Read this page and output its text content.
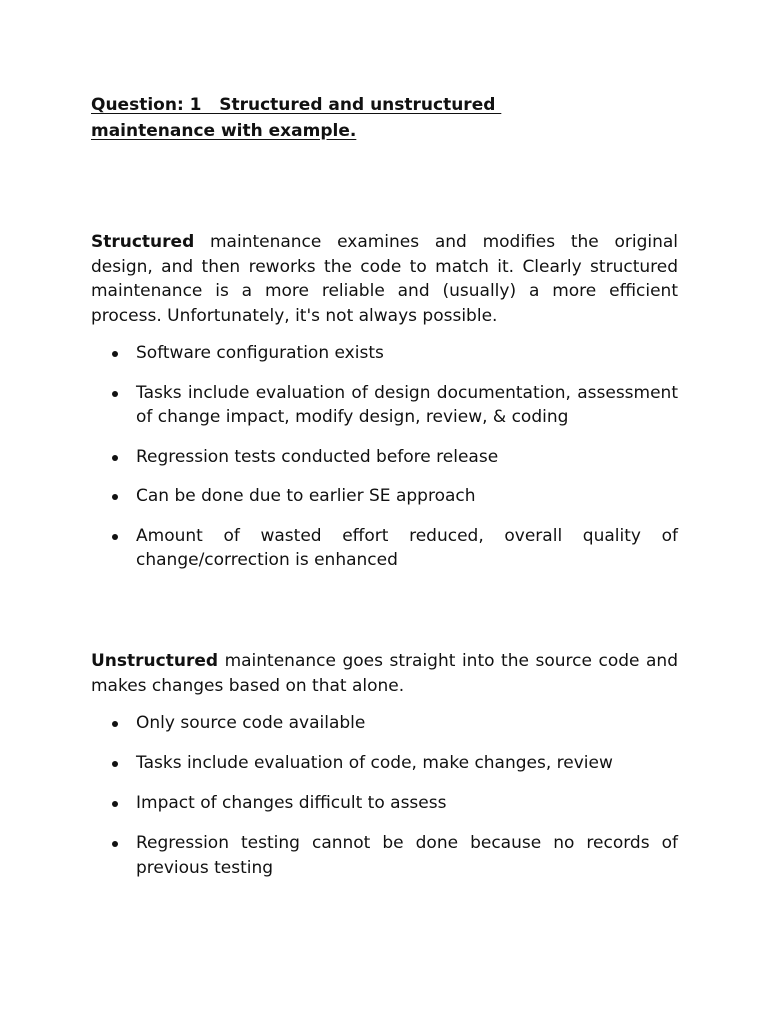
Question: 1   Structured and unstructured
maintenance with example.

Structured maintenance examines and modifies the original design, and then reworks the code to match it. Clearly structured maintenance is a more reliable and (usually) a more efficient process. Unfortunately, it's not always possible.

Software configuration exists
Tasks include evaluation of design documentation, assessment of change impact, modify design, review, & coding
Regression tests conducted before release
Can be done due to earlier SE approach
Amount of wasted effort reduced, overall quality of change/correction is enhanced

Unstructured maintenance goes straight into the source code and makes changes based on that alone.

Only source code available
Tasks include evaluation of code, make changes, review
Impact of changes difficult to assess
Regression testing cannot be done because no records of previous testing
